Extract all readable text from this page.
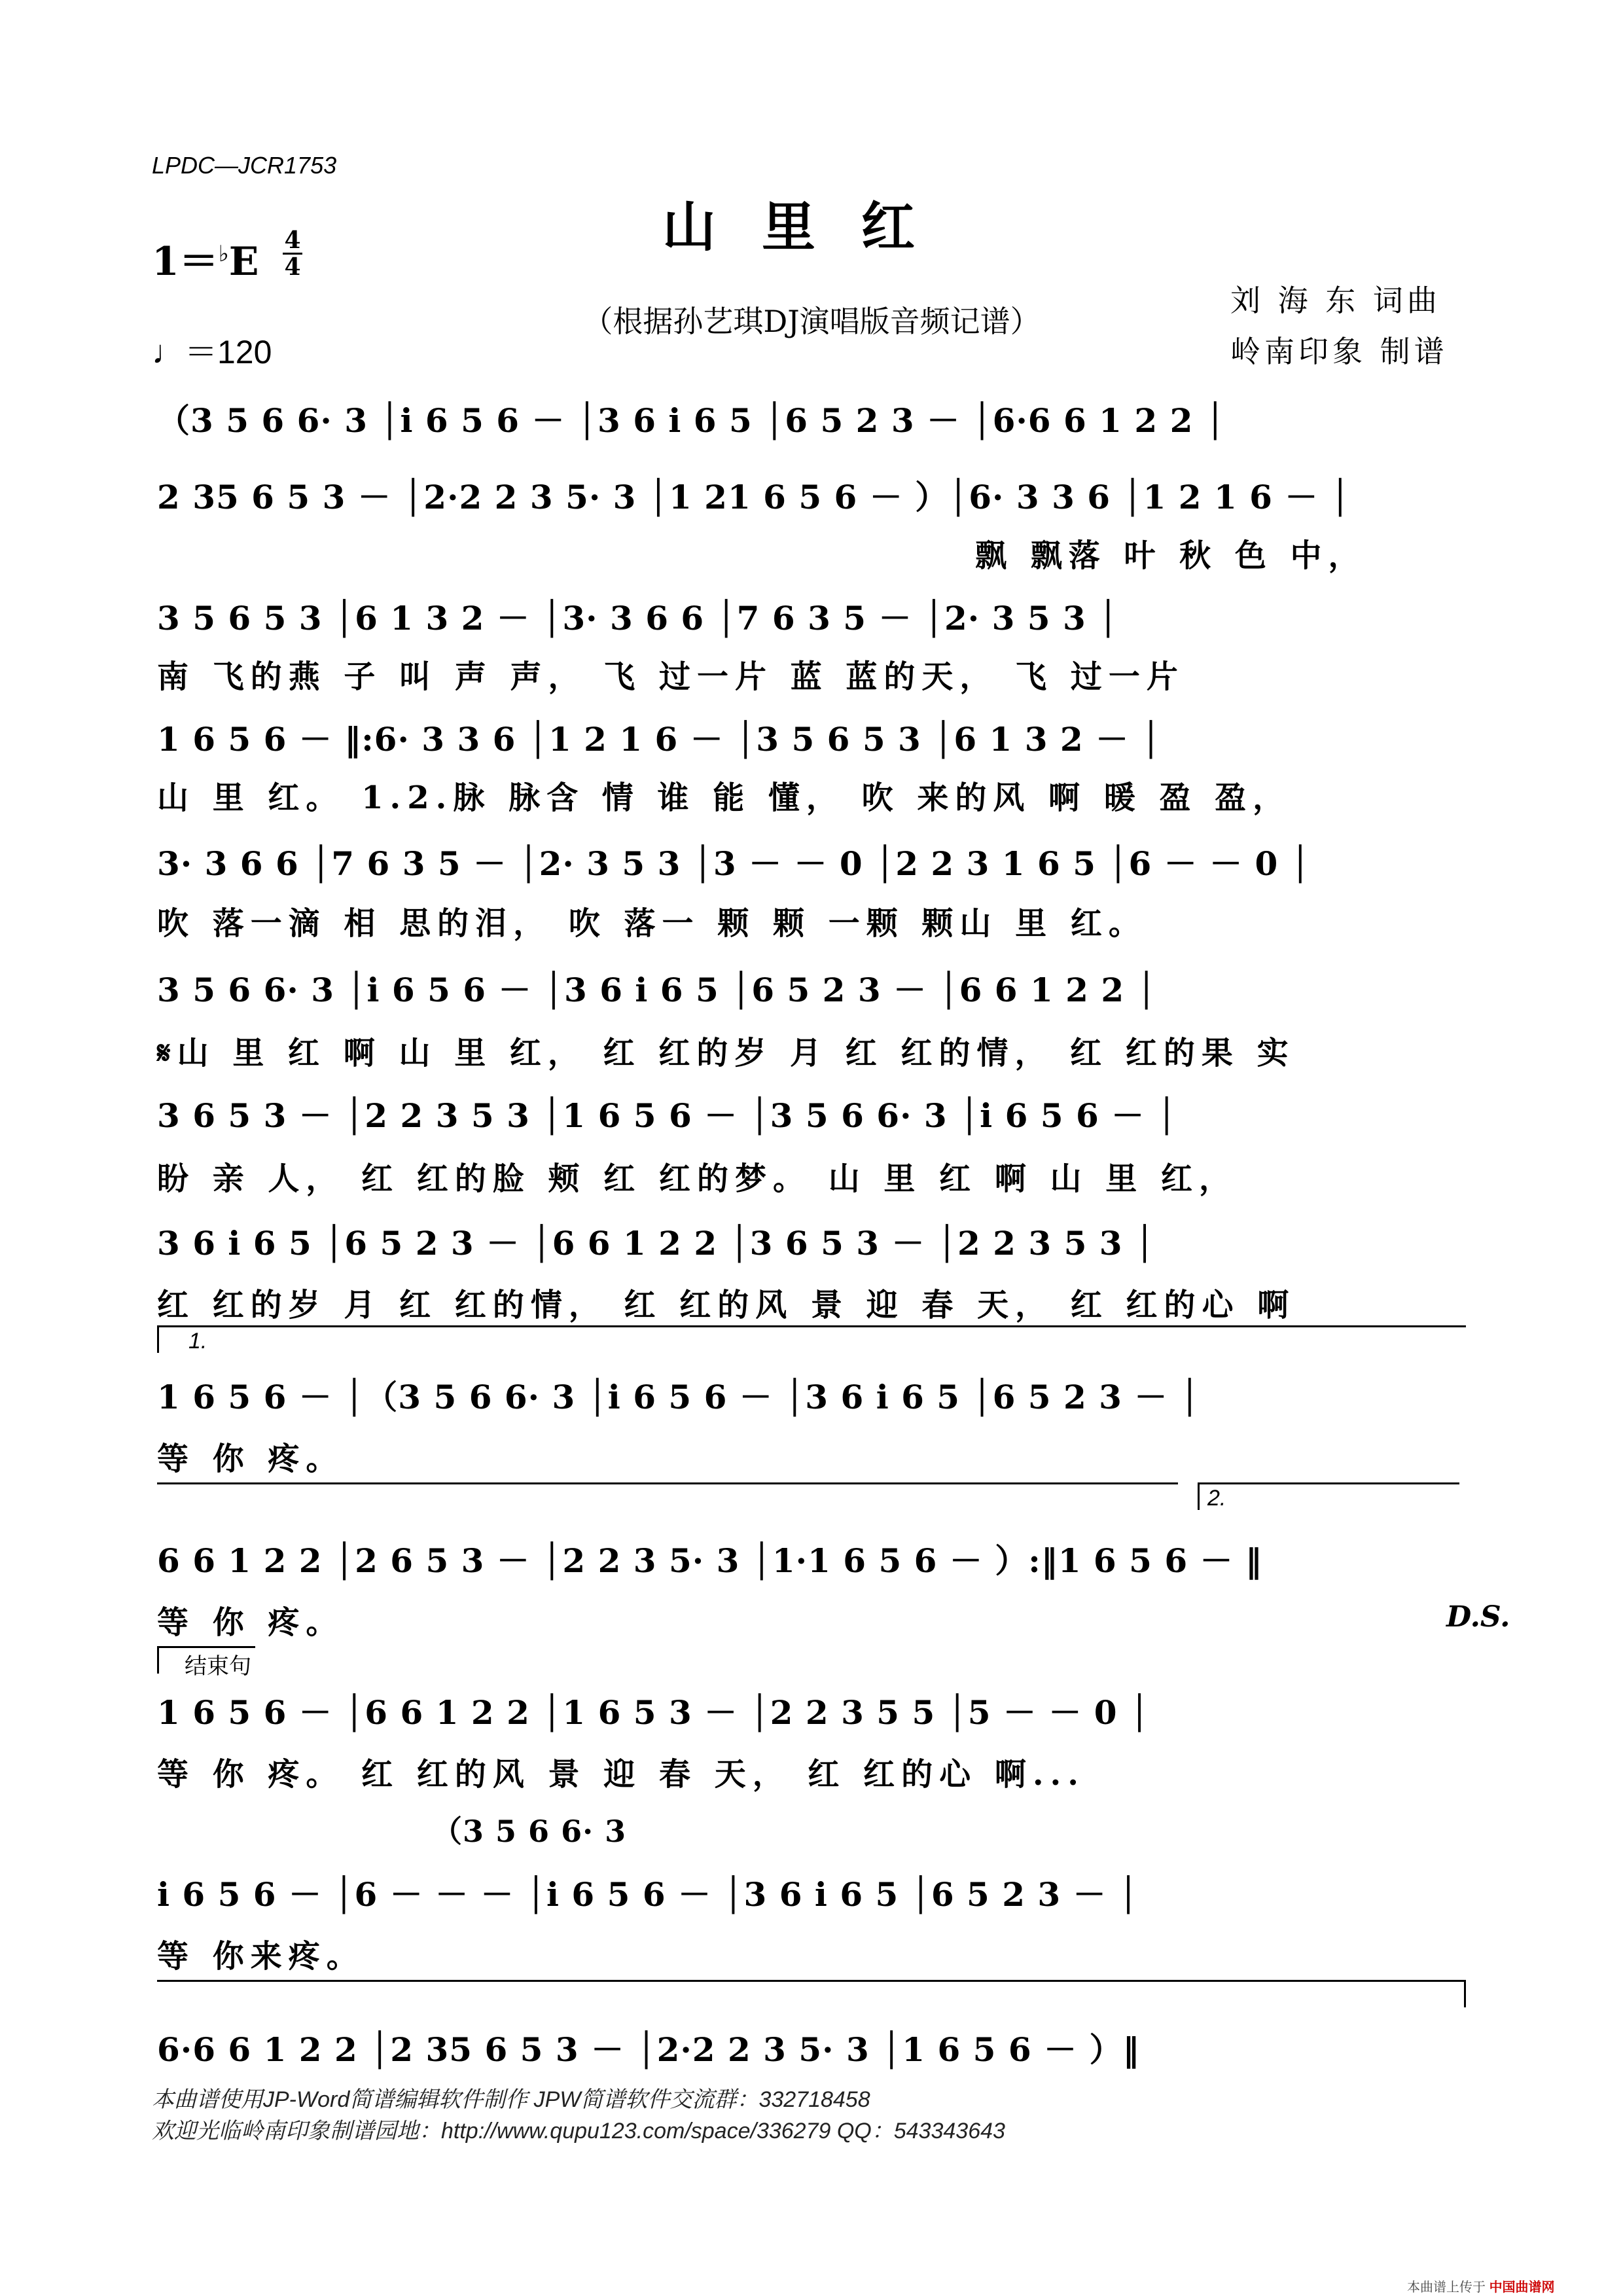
LPDC—JCR1753
山里红
（根据孙艺琪DJ演唱版音频记谱）
1＝♭E 4
4
♩＝120
刘 海 东 词曲
岭南印象 制谱
（3 5 6 6· 3 │i 6 5 6 － │3 6 i 6 5 │6 5 2 3 － │6·6 6 1 2 2 │
2 35 6 5 3 － │2·2 2 3 5· 3 │1 21 6 5 6 － ）│6· 3 3 6 │1 2 1 6 － │
飘 飘落 叶 秋 色 中，
3 5 6 5 3 │6 1 3 2 － │3· 3 6 6 │7 6 3 5 － │2· 3 5 3 │
南 飞的燕 子 叫 声 声， 飞 过一片 蓝 蓝的天， 飞 过一片
1 6 5 6 － ‖:6· 3 3 6 │1 2 1 6 － │3 5 6 5 3 │6 1 3 2 － │
山 里 红。 1.2.脉 脉含 情 谁 能 懂， 吹 来的风 啊 暖 盈 盈，
3· 3 6 6 │7 6 3 5 － │2· 3 5 3 │3 － － 0 │2 2 3 1 6 5 │6 － － 0 │
吹 落一滴 相 思的泪， 吹 落一 颗 颗 一颗 颗山 里 红。
3 5 6 6· 3 │i 6 5 6 － │3 6 i 6 5 │6 5 2 3 － │6 6 1 2 2 │
𝄋山 里 红 啊 山 里 红， 红 红的岁 月 红 红的情， 红 红的果 实
3 6 5 3 － │2 2 3 5 3 │1 6 5 6 － │3 5 6 6· 3 │i 6 5 6 － │
盼 亲 人， 红 红的脸 颊 红 红的梦。 山 里 红 啊 山 里 红，
3 6 i 6 5 │6 5 2 3 － │6 6 1 2 2 │3 6 5 3 － │2 2 3 5 3 │
红 红的岁 月 红 红的情， 红 红的风 景 迎 春 天， 红 红的心 啊
1.
1 6 5 6 － │（3 5 6 6· 3 │i 6 5 6 － │3 6 i 6 5 │6 5 2 3 － │
等 你 疼。
2.
6 6 1 2 2 │2 6 5 3 － │2 2 3 5· 3 │1·1 6 5 6 － ）:‖1 6 5 6 － ‖
等 你 疼。	D.S.
结束句
1 6 5 6 － │6 6 1 2 2 │1 6 5 3 － │2 2 3 5 5 │5 － － 0 │
等 你 疼。 红 红的风 景 迎 春 天， 红 红的心 啊...
（3 5 6 6· 3
i 6 5 6 － │6 － － － │i 6 5 6 － │3 6 i 6 5 │6 5 2 3 － │
等 你来疼。
6·6 6 1 2 2 │2 35 6 5 3 － │2·2 2 3 5· 3 │1 6 5 6 － ）‖
本曲谱使用JP-Word简谱编辑软件制作 JPW简谱软件交流群：332718458
欢迎光临岭南印象制谱园地：http://www.qupu123.com/space/336279 QQ：543343643
本曲谱上传于 中国曲谱网
